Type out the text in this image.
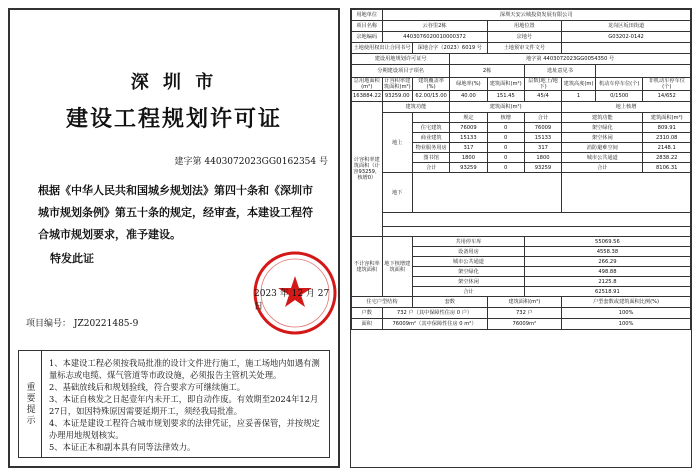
深 圳 市
建设工程规划许可证
建字第 4403072023GG0162354 号
根据《中华人民共和国城乡规划法》第四十条和《深圳市城市规划条例》第五十条的规定，经审查，本建设工程符合城市规划要求，准予建设。
特发此证
2023 年 12 月 27 日
项目编号： JZ20221485-9
重要提示
1、本建设工程必须按我局批准的设计文件进行施工，施工场地内如遇有测量标志或电缆、煤气管道等市政设施，必须报告主管机关处理。
2、基础放线后和规划验线，符合要求方可继续施工。
3、本证自核发之日起壹年内未开工，即自动作废。有效期至2024年12月27日，如因特殊原因需要延期开工，须经我局批准。
4、本证是建设工程符合城市规划要求的法律凭证，应妥善保管，并按规定办理用地规划核实。
5、本证正本和副本具有同等法律效力。
用地单位	深圳天安云城投资发展有限公司							
项目名称	云谷里2栋			用地位置		龙岗区坂田街道		
宗地编码	4403076020010000372			宗地号		G03202-0142		
土地使用权出让合同书号		深地合字（2023）6019 号		土地预审文件文号				
建设用地规划许可证号			地字第 4403072023GG0054350 号					
分期建设项目子项名			2栋		选址意见书			
总用地面积(m²)	计容积率建筑面积(m²)	建筑覆盖率(%)	绿地率(%)	建筑面积(m²)	层数(地上/地下)	建筑高度(m)	机动车停车位(个)	非机动车停车位(个)
163884.22	93259.00	62.00/15.00	40.00	151.45	45/4	1	0/1500	14/652
计容积率建筑面积（计容93259，核增0）	建筑功能		建筑面积(m²)			地上核增		
	地上		规定	核增	合计	建筑功能		建筑面积(m²)
		住宅建筑	76009	0	76009	架空绿化		809.91
		商业建筑	15133	0	15133	架空休闲		2310.08
		物业服务用房	317	0	317	消防避难空间		2148.1
		图书馆	1800	0	1800	城市公共通道		2838.22
		合计	93259	0	93259	合计		8106.31
	地下							

不计容积率建筑面积	地下核增建筑面积	共用停车库			55069.56			
		设备用房			4558.38			
		城市公共通道			266.29			
		架空绿化			498.88			
		架空休闲			2125.8			
		合计			62518.91			
住宅户型结构		套数		建筑面积(m²)		户型套数或建筑面积比例(%)		
户数	732 户（其中保障性住房 0 户）			732 户		100%		
面积	76009m²（其中保障性住房 0 m²）			76009m²		100%		
